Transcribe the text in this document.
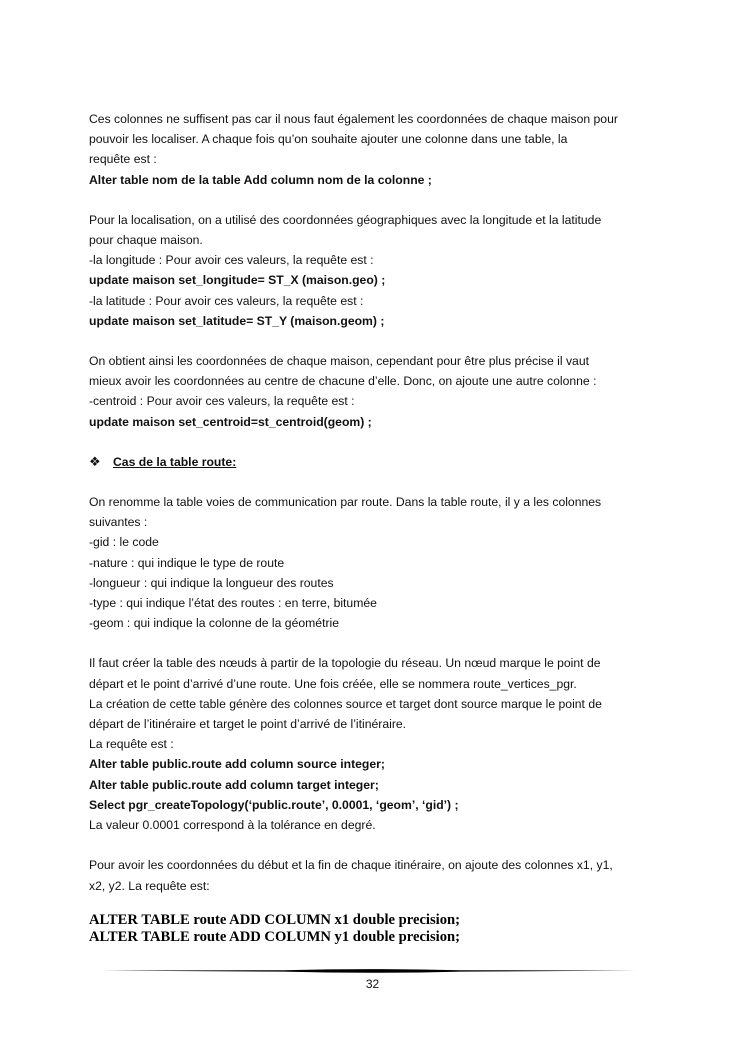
Ces colonnes ne suffisent pas car il nous faut également les coordonnées de chaque maison pour

pouvoir les localiser. A chaque fois qu’on souhaite ajouter une colonne dans une table, la

requête est :

Alter table nom de la table Add column nom de la colonne ;

Pour la localisation, on a utilisé des coordonnées géographiques avec la longitude et la latitude

pour chaque maison.

-la longitude : Pour avoir ces valeurs, la requête est :

update maison set_longitude= ST_X (maison.geo) ;

-la latitude : Pour avoir ces valeurs, la requête est :

update maison set_latitude= ST_Y (maison.geom) ;

On obtient ainsi les coordonnées de chaque maison, cependant pour être plus précise il vaut

mieux avoir les coordonnées au centre de chacune d’elle. Donc, on ajoute une autre colonne :

-centroid : Pour avoir ces valeurs, la requête est :

update maison set_centroid=st_centroid(geom) ;

❖ Cas de la table route:

On renomme la table voies de communication par route. Dans la table route, il y a les colonnes

suivantes :

-gid : le code

-nature : qui indique le type de route

-longueur : qui indique la longueur des routes

-type : qui indique l’état des routes : en terre, bitumée

-geom : qui indique la colonne de la géométrie

Il faut créer la table des nœuds à partir de la topologie du réseau. Un nœud marque le point de

départ et le point d’arrivé d’une route. Une fois créée, elle se nommera route_vertices_pgr.

La création de cette table génère des colonnes source et target dont source marque le point de

départ de l’itinéraire et target le point d’arrivé de l’itinéraire.

La requête est :

Alter table public.route add column source integer;

Alter table public.route add column target integer;

Select pgr_createTopology(‘public.route’, 0.0001, ‘geom’, ‘gid’) ;

La valeur 0.0001 correspond à la tolérance en degré.

Pour avoir les coordonnées du début et la fin de chaque itinéraire, on ajoute des colonnes x1, y1,

x2, y2. La requête est:

ALTER TABLE route ADD COLUMN x1 double precision;

ALTER TABLE route ADD COLUMN y1 double precision;

32
